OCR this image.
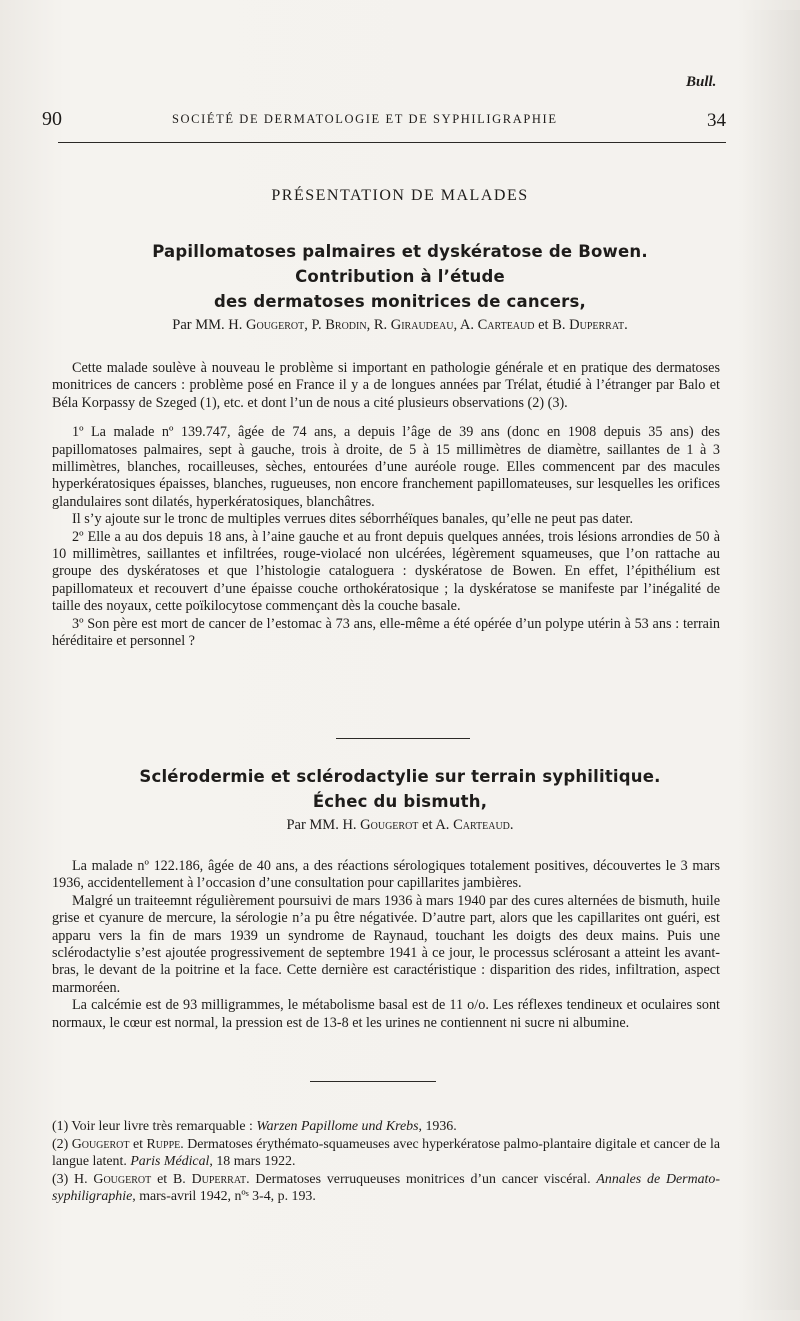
Bull.
90	SOCIÉTÉ DE DERMATOLOGIE ET DE SYPHILIGRAPHIE	34
PRÉSENTATION DE MALADES
Papillomatoses palmaires et dyskératose de Bowen.
Contribution à l’étude
des dermatoses monitrices de cancers,
Par MM. H. Gougerot, P. Brodin, R. Giraudeau, A. Carteaud et B. Duperrat.

Cette malade soulève à nouveau le problème si important en pathologie générale et en pratique des dermatoses monitrices de cancers : problème posé en France il y a de longues années par Trélat, étudié à l’étranger par Balo et Béla Korpassy de Szeged (1), etc. et dont l’un de nous a cité plusieurs observations (2) (3).

1º La malade nº 139.747, âgée de 74 ans, a depuis l’âge de 39 ans (donc en 1908 depuis 35 ans) des papillomatoses palmaires, sept à gauche, trois à droite, de 5 à 15 millimètres de diamètre, saillantes de 1 à 3 millimètres, blanches, rocailleuses, sèches, entourées d’une auréole rouge. Elles commencent par des macules hyperkératosiques épaisses, blanches, rugueuses, non encore franchement papillomateuses, sur lesquelles les orifices glandulaires sont dilatés, hyperkératosiques, blanchâtres.

Il s’y ajoute sur le tronc de multiples verrues dites séborrhéïques banales, qu’elle ne peut pas dater.

2º Elle a au dos depuis 18 ans, à l’aine gauche et au front depuis quelques années, trois lésions arrondies de 50 à 10 millimètres, saillantes et infiltrées, rouge-violacé non ulcérées, légèrement squameuses, que l’on rattache au groupe des dyskératoses et que l’histologie cataloguera : dyskératose de Bowen. En effet, l’épithélium est papillomateux et recouvert d’une épaisse couche orthokératosique ; la dyskératose se manifeste par l’inégalité de taille des noyaux, cette poïkilocytose commençant dès la couche basale.

3º Son père est mort de cancer de l’estomac à 73 ans, elle-même a été opérée d’un polype utérin à 53 ans : terrain héréditaire et personnel ?

Sclérodermie et sclérodactylie sur terrain syphilitique.
Échec du bismuth,
Par MM. H. Gougerot et A. Carteaud.

La malade nº 122.186, âgée de 40 ans, a des réactions sérologiques totalement positives, découvertes le 3 mars 1936, accidentellement à l’occasion d’une consultation pour capillarites jambières.

Malgré un traiteemnt régulièrement poursuivi de mars 1936 à mars 1940 par des cures alternées de bismuth, huile grise et cyanure de mercure, la sérologie n’a pu être négativée. D’autre part, alors que les capillarites ont guéri, est apparu vers la fin de mars 1939 un syndrome de Raynaud, touchant les doigts des deux mains. Puis une sclérodactylie s’est ajoutée progressivement de septembre 1941 à ce jour, le processus sclérosant a atteint les avant-bras, le devant de la poitrine et la face. Cette dernière est caractéristique : disparition des rides, infiltration, aspect marmoréen.

La calcémie est de 93 milligrammes, le métabolisme basal est de 11 o/o. Les réflexes tendineux et oculaires sont normaux, le cœur est normal, la pression est de 13-8 et les urines ne contiennent ni sucre ni albumine.

(1) Voir leur livre très remarquable : Warzen Papillome und Krebs, 1936.

(2) Gougerot et Ruppe. Dermatoses érythémato-squameuses avec hyperkératose palmo-plantaire digitale et cancer de la langue latent. Paris Médical, 18 mars 1922.

(3) H. Gougerot et B. Duperrat. Dermatoses verruqueuses monitrices d’un cancer viscéral. Annales de Dermato-syphiligraphie, mars-avril 1942, nºˢ 3-4, p. 193.
